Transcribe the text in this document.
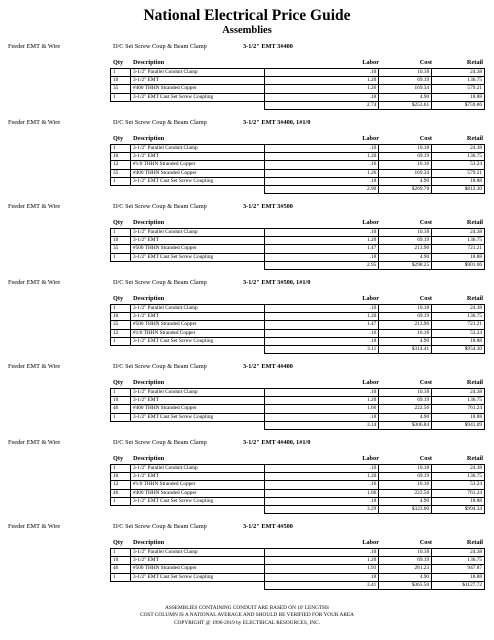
National Electrical Price Guide
Assemblies
Feeder EMT & Wire	D/C Set Screw Coup & Beam Clamp	3-1/2" EMT 3#400
Qty Description	Labor	Cost	Retail
1	3-1/2" Parallel Conduit Clamp	.10	10.18	24.38
10	3-1/2" EMT	1.20	69.19	136.75
35	#400 THHN Stranded Copper	1.26	169.34	579.21
1	3-1/2" EMT Cast Set Screw Coupling	.18	4.90	18.88
		2.74	$253.61	$759.86
Feeder EMT & Wire	D/C Set Screw Coup & Beam Clamp	3-1/2" EMT 3#400, 1#1/0
Qty Description	Labor	Cost	Retail
1	3-1/2" Parallel Conduit Clamp	.10	10.18	24.38
10	3-1/2" EMT	1.20	69.19	136.75
12	#1/0 THHN Stranded Copper	.16	16.16	53.24
35	#400 THHN Stranded Copper	1.26	169.34	579.21
1	3-1/2" EMT Cast Set Screw Coupling	.18	4.90	18.88
		2.90	$269.78	$812.30
Feeder EMT & Wire	D/C Set Screw Coup & Beam Clamp	3-1/2" EMT 3#500
Qty Description	Labor	Cost	Retail
1	3-1/2" Parallel Conduit Clamp	.10	10.18	24.38
10	3-1/2" EMT	1.20	69.19	136.75
35	#500 THHN Stranded Copper	1.47	213.96	721.21
1	3-1/2" EMT Cast Set Screw Coupling	.18	4.90	18.88
		2.95	$298.25	$901.06
Feeder EMT & Wire	D/C Set Screw Coup & Beam Clamp	3-1/2" EMT 3#500, 1#1/0
Qty Description	Labor	Cost	Retail
1	3-1/2" Parallel Conduit Clamp	.10	10.18	24.38
10	3-1/2" EMT	1.20	69.19	136.75
35	#500 THHN Stranded Copper	1.47	213.96	721.21
12	#1/0 THHN Stranded Copper	.16	16.16	53.24
1	3-1/2" EMT Cast Set Screw Coupling	.18	4.90	18.88
		3.11	$314.41	$954.30
Feeder EMT & Wire	D/C Set Screw Coup & Beam Clamp	3-1/2" EMT 4#400
Qty Description	Labor	Cost	Retail
1	3-1/2" Parallel Conduit Clamp	.10	10.18	24.38
10	3-1/2" EMT	1.20	69.19	136.75
46	#400 THHN Stranded Copper	1.66	222.56	761.24
1	3-1/2" EMT Cast Set Screw Coupling	.18	4.90	18.88
		3.14	$306.84	$941.09
Feeder EMT & Wire	D/C Set Screw Coup & Beam Clamp	3-1/2" EMT 4#400, 1#1/0
Qty Description	Labor	Cost	Retail
1	3-1/2" Parallel Conduit Clamp	.10	10.18	24.38
10	3-1/2" EMT	1.20	69.19	136.75
12	#1/0 THHN Stranded Copper	.16	16.16	53.24
46	#400 THHN Stranded Copper	1.66	222.56	761.24
1	3-1/2" EMT Cast Set Screw Coupling	.18	4.90	18.88
		3.29	$323.00	$994.34
Feeder EMT & Wire	D/C Set Screw Coup & Beam Clamp	3-1/2" EMT 4#500
Qty Description	Labor	Cost	Retail
1	3-1/2" Parallel Conduit Clamp	.10	10.18	24.38
10	3-1/2" EMT	1.20	69.19	136.75
46	#500 THHN Stranded Copper	1.93	281.23	947.87
1	3-1/2" EMT Cast Set Screw Coupling	.18	4.90	18.88
		3.41	$365.50	$1127.72
ASSEMBLIES CONTAINING CONDUIT ARE BASED ON 10' LENGTHS
COST COLUMN IS A NATIONAL AVERAGE AND SHOULD BE VERIFIED FOR YOUR AREA
COPYRIGHT @ 1996-2019 by ELECTRICAL RESOURCES, INC.
